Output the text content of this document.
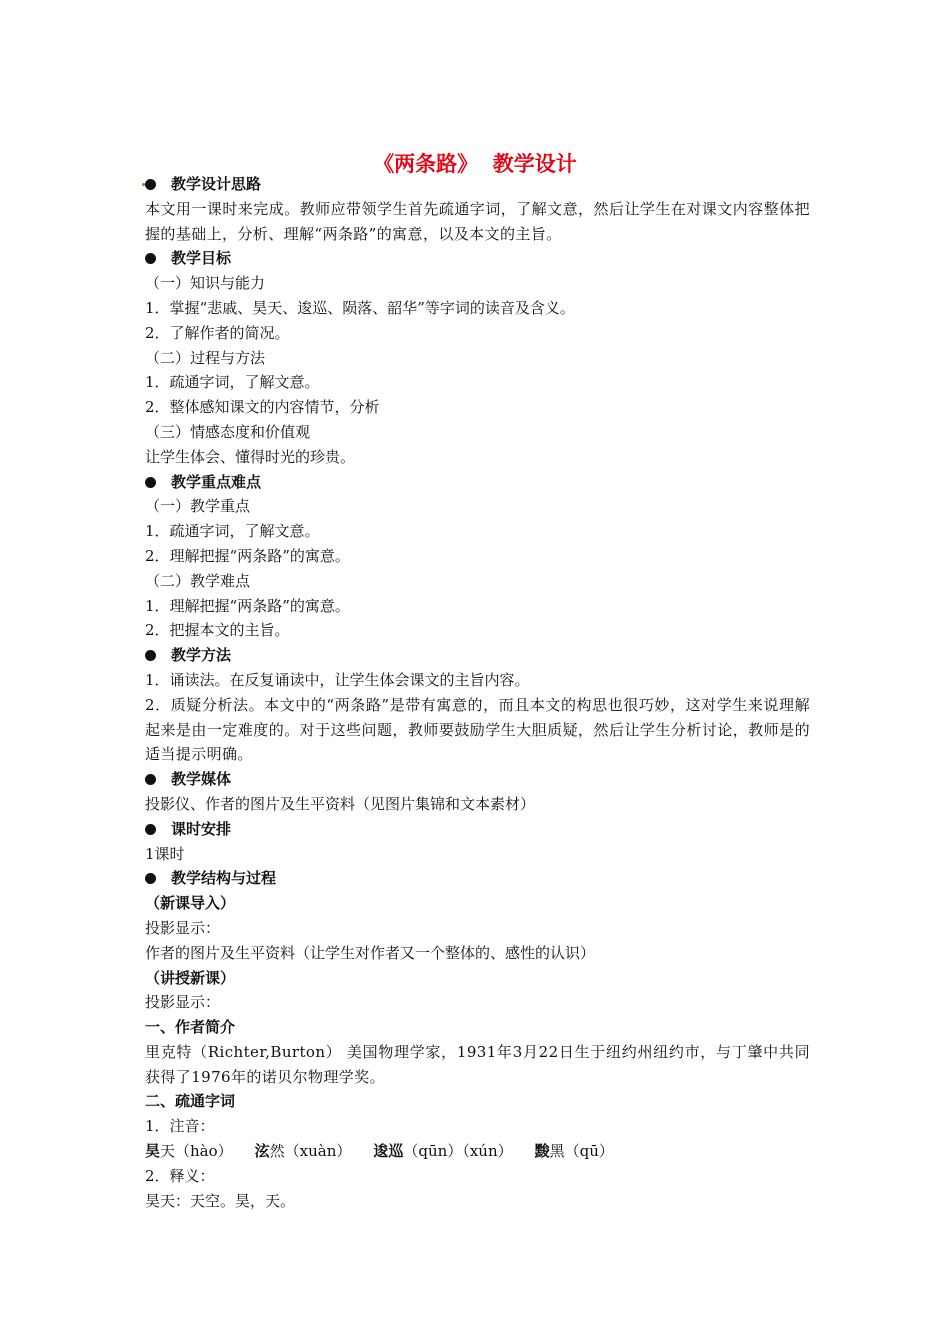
《两条路》  教学设计
教学设计思路
本文用一课时来完成。教师应带领学生首先疏通字词，了解文意，然后让学生在对课文内容整体把握的基础上，分析、理解“两条路”的寓意，以及本文的主旨。
教学目标
（一）知识与能力
1．掌握“悲戚、昊天、逡巡、陨落、韶华”等字词的读音及含义。
2．了解作者的简况。
（二）过程与方法
1．疏通字词，了解文意。
2．整体感知课文的内容情节，分析
（三）情感态度和价值观
让学生体会、懂得时光的珍贵。
教学重点难点
（一）教学重点
1．疏通字词，了解文意。
2．理解把握“两条路”的寓意。
（二）教学难点
1．理解把握“两条路”的寓意。
2．把握本文的主旨。
教学方法
1．诵读法。在反复诵读中，让学生体会课文的主旨内容。
2．质疑分析法。本文中的“两条路”是带有寓意的，而且本文的构思也很巧妙，这对学生来说理解起来是由一定难度的。对于这些问题，教师要鼓励学生大胆质疑，然后让学生分析讨论，教师是的适当提示明确。
教学媒体
投影仪、作者的图片及生平资料（见图片集锦和文本素材）
课时安排
1课时
教学结构与过程
（新课导入）
投影显示：
作者的图片及生平资料（让学生对作者又一个整体的、感性的认识）
（讲授新课）
投影显示：
一、作者简介
里克特（Richter,Burton） 美国物理学家，1931年3月22日生于纽约州纽约市，与丁肇中共同获得了1976年的诺贝尔物理学奖。
二、疏通字词
1．注音：
昊天（hào） 泫然（xuàn） 逡巡（qūn）（xún） 黢黑（qū）
2．释义：
昊天：天空。昊，天。
